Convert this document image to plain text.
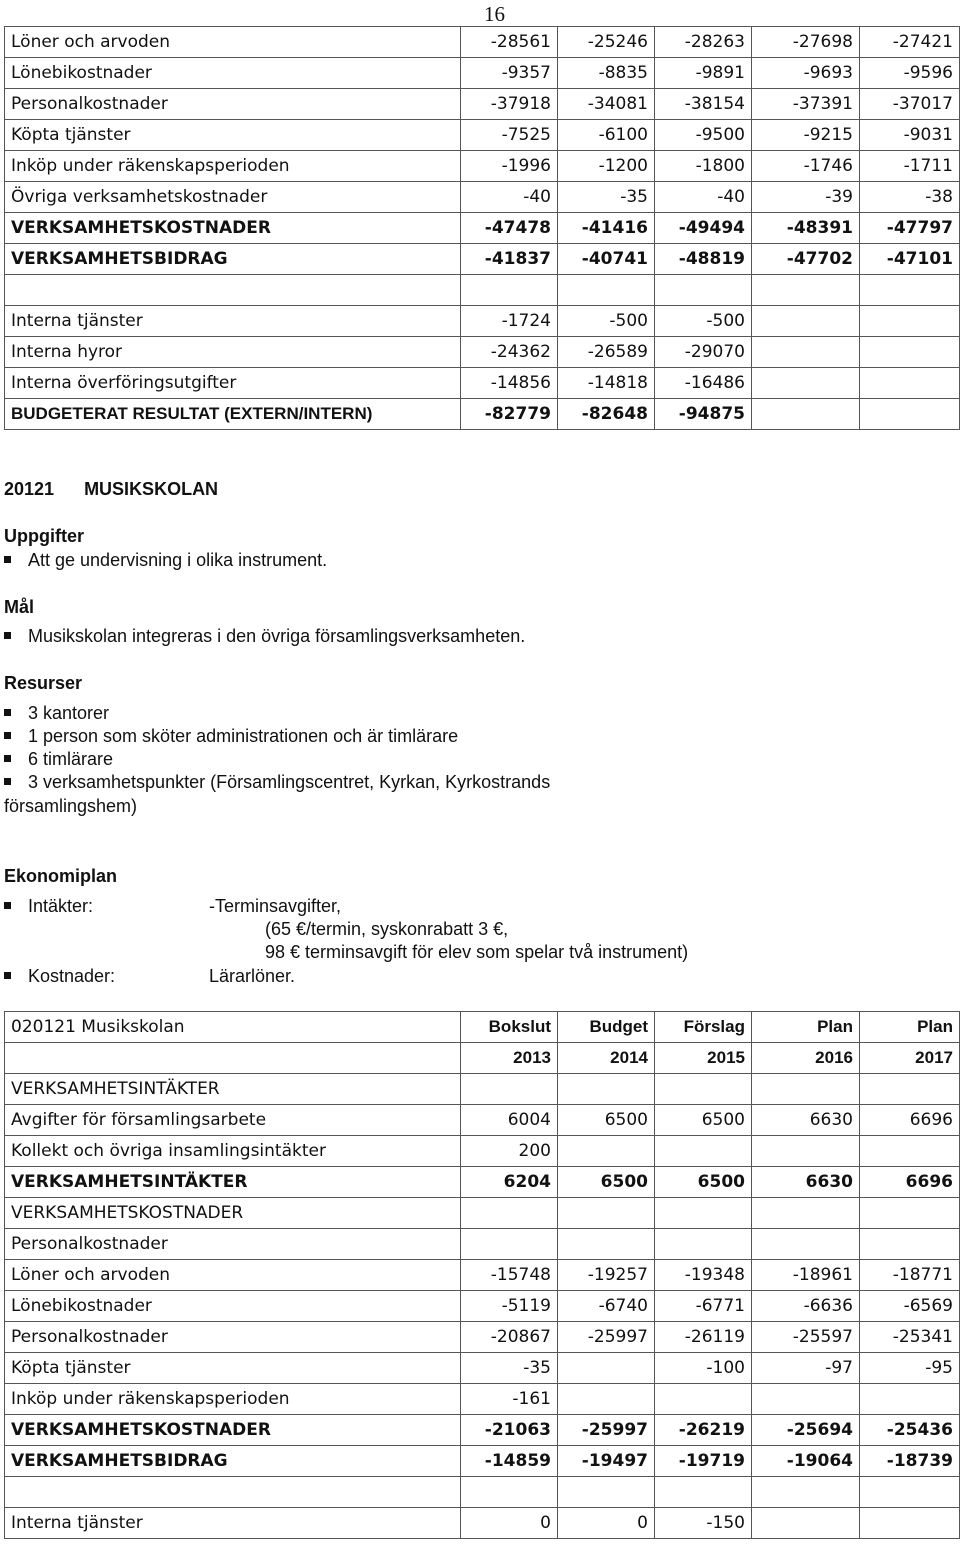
16
Löner och arvoden	-28561	-25246	-28263	-27698	-27421
Lönebikostnader	-9357	-8835	-9891	-9693	-9596
Personalkostnader	-37918	-34081	-38154	-37391	-37017
Köpta tjänster	-7525	-6100	-9500	-9215	-9031
Inköp under räkenskapsperioden	-1996	-1200	-1800	-1746	-1711
Övriga verksamhetskostnader	-40	-35	-40	-39	-38
VERKSAMHETSKOSTNADER	-47478	-41416	-49494	-48391	-47797
VERKSAMHETSBIDRAG	-41837	-40741	-48819	-47702	-47101

Interna tjänster	-1724	-500	-500		
Interna hyror	-24362	-26589	-29070		
Interna överföringsutgifter	-14856	-14818	-16486		
BUDGETERAT RESULTAT (EXTERN/INTERN)	-82779	-82648	-94875		
20121 MUSIKSKOLAN
Uppgifter
Att ge undervisning i olika instrument.
Mål
Musikskolan integreras i den övriga församlingsverksamheten.
Resurser
3 kantorer
1 person som sköter administrationen och är timlärare
6 timlärare
3 verksamhetspunkter (Församlingscentret, Kyrkan, Kyrkostrands
församlingshem)
Ekonomiplan
Intäkter:	-Terminsavgifter,
(65 €/termin, syskonrabatt 3 €,
98 € terminsavgift för elev som spelar två instrument)
Kostnader:	Lärarlöner.
020121 Musikskolan	Bokslut	Budget	Förslag	Plan	Plan
	2013	2014	2015	2016	2017
VERKSAMHETSINTÄKTER					
Avgifter för församlingsarbete	6004	6500	6500	6630	6696
Kollekt och övriga insamlingsintäkter	200				
VERKSAMHETSINTÄKTER	6204	6500	6500	6630	6696
VERKSAMHETSKOSTNADER					
Personalkostnader					
Löner och arvoden	-15748	-19257	-19348	-18961	-18771
Lönebikostnader	-5119	-6740	-6771	-6636	-6569
Personalkostnader	-20867	-25997	-26119	-25597	-25341
Köpta tjänster	-35		-100	-97	-95
Inköp under räkenskapsperioden	-161				
VERKSAMHETSKOSTNADER	-21063	-25997	-26219	-25694	-25436
VERKSAMHETSBIDRAG	-14859	-19497	-19719	-19064	-18739

Interna tjänster	0	0	-150		
